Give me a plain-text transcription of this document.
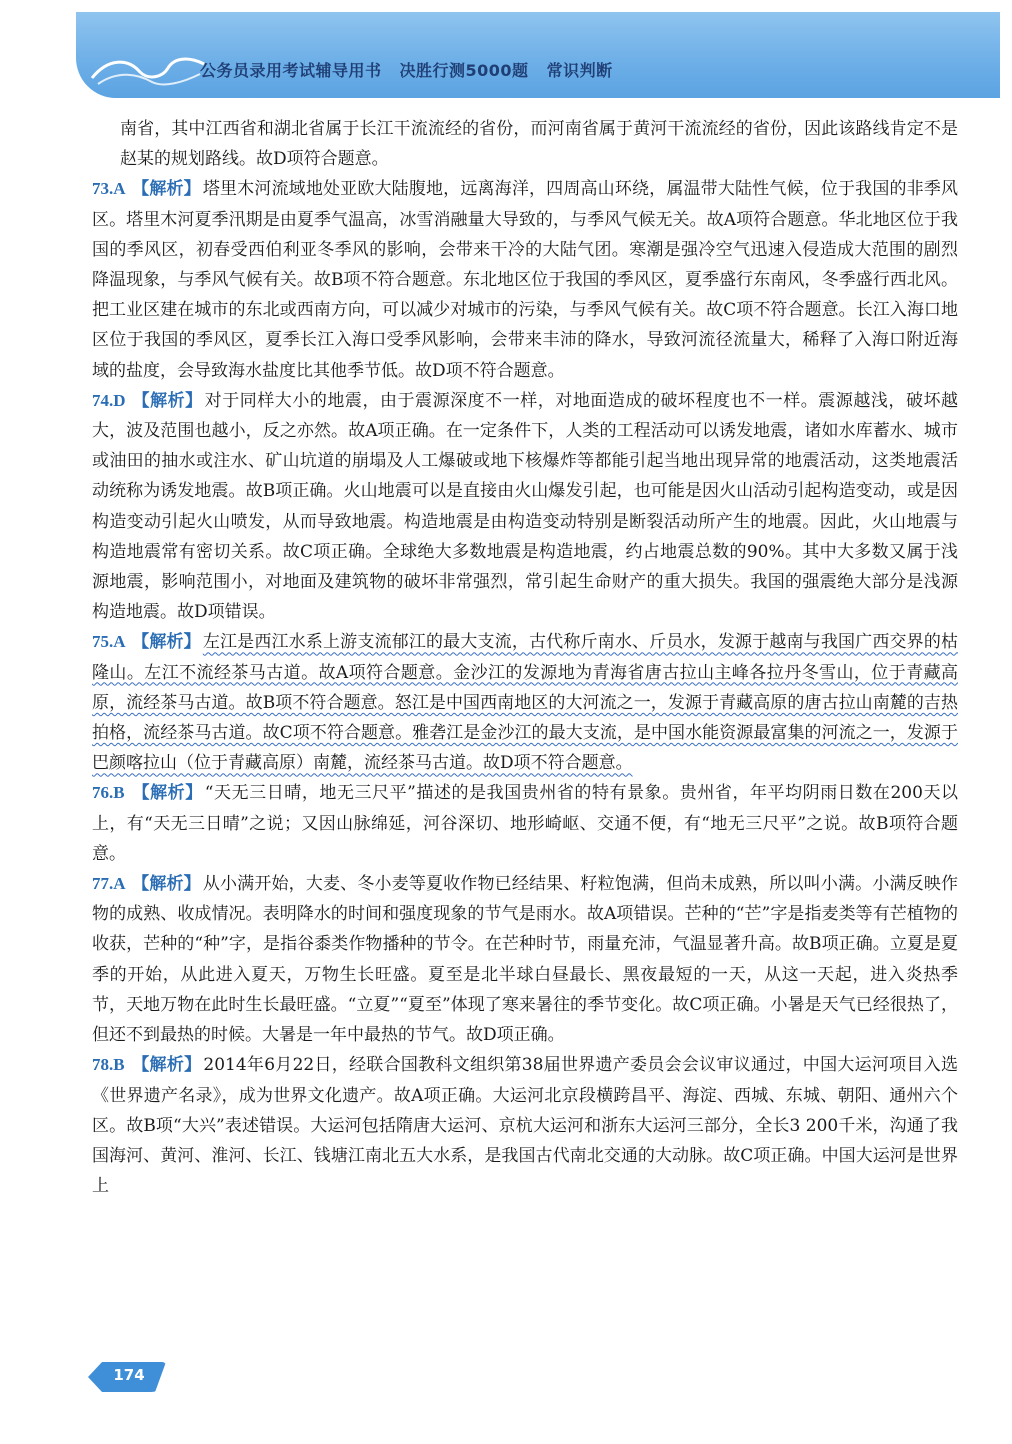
公务员录用考试辅导用书 决胜行测5000题 常识判断

南省，其中江西省和湖北省属于长江干流流经的省份，而河南省属于黄河干流流经的省份，因此该路线肯定不是赵某的规划路线。故D项符合题意。

73.A 【解析】 塔里木河流域地处亚欧大陆腹地，远离海洋，四周高山环绕，属温带大陆性气候，位于我国的非季风区。塔里木河夏季汛期是由夏季气温高，冰雪消融量大导致的，与季风气候无关。故A项符合题意。华北地区位于我国的季风区，初春受西伯利亚冬季风的影响，会带来干冷的大陆气团。寒潮是强冷空气迅速入侵造成大范围的剧烈降温现象，与季风气候有关。故B项不符合题意。东北地区位于我国的季风区，夏季盛行东南风，冬季盛行西北风。把工业区建在城市的东北或西南方向，可以减少对城市的污染，与季风气候有关。故C项不符合题意。长江入海口地区位于我国的季风区，夏季长江入海口受季风影响，会带来丰沛的降水，导致河流径流量大，稀释了入海口附近海域的盐度，会导致海水盐度比其他季节低。故D项不符合题意。

74.D 【解析】 对于同样大小的地震，由于震源深度不一样，对地面造成的破坏程度也不一样。震源越浅，破坏越大，波及范围也越小，反之亦然。故A项正确。在一定条件下，人类的工程活动可以诱发地震，诸如水库蓄水、城市或油田的抽水或注水、矿山坑道的崩塌及人工爆破或地下核爆炸等都能引起当地出现异常的地震活动，这类地震活动统称为诱发地震。故B项正确。火山地震可以是直接由火山爆发引起，也可能是因火山活动引起构造变动，或是因构造变动引起火山喷发，从而导致地震。构造地震是由构造变动特别是断裂活动所产生的地震。因此，火山地震与构造地震常有密切关系。故C项正确。全球绝大多数地震是构造地震，约占地震总数的90%。其中大多数又属于浅源地震，影响范围小，对地面及建筑物的破坏非常强烈，常引起生命财产的重大损失。我国的强震绝大部分是浅源构造地震。故D项错误。

75.A 【解析】 左江是西江水系上游支流郁江的最大支流，古代称斤南水、斤员水，发源于越南与我国广西交界的枯隆山。左江不流经茶马古道。故A项符合题意。金沙江的发源地为青海省唐古拉山主峰各拉丹冬雪山，位于青藏高原，流经茶马古道。故B项不符合题意。怒江是中国西南地区的大河流之一，发源于青藏高原的唐古拉山南麓的吉热拍格，流经茶马古道。故C项不符合题意。雅砻江是金沙江的最大支流，是中国水能资源最富集的河流之一，发源于巴颜喀拉山（位于青藏高原）南麓，流经茶马古道。故D项不符合题意。

76.B 【解析】 “天无三日晴，地无三尺平”描述的是我国贵州省的特有景象。贵州省，年平均阴雨日数在200天以上，有“天无三日晴”之说；又因山脉绵延，河谷深切、地形崎岖、交通不便，有“地无三尺平”之说。故B项符合题意。

77.A 【解析】 从小满开始，大麦、冬小麦等夏收作物已经结果、籽粒饱满，但尚未成熟，所以叫小满。小满反映作物的成熟、收成情况。表明降水的时间和强度现象的节气是雨水。故A项错误。芒种的“芒”字是指麦类等有芒植物的收获，芒种的“种”字，是指谷黍类作物播种的节令。在芒种时节，雨量充沛，气温显著升高。故B项正确。立夏是夏季的开始，从此进入夏天，万物生长旺盛。夏至是北半球白昼最长、黑夜最短的一天，从这一天起，进入炎热季节，天地万物在此时生长最旺盛。“立夏”“夏至”体现了寒来暑往的季节变化。故C项正确。小暑是天气已经很热了，但还不到最热的时候。大暑是一年中最热的节气。故D项正确。

78.B 【解析】 2014年6月22日，经联合国教科文组织第38届世界遗产委员会会议审议通过，中国大运河项目入选《世界遗产名录》，成为世界文化遗产。故A项正确。大运河北京段横跨昌平、海淀、西城、东城、朝阳、通州六个区。故B项“大兴”表述错误。大运河包括隋唐大运河、京杭大运河和浙东大运河三部分，全长3 200千米，沟通了我国海河、黄河、淮河、长江、钱塘江南北五大水系，是我国古代南北交通的大动脉。故C项正确。中国大运河是世界上

174
